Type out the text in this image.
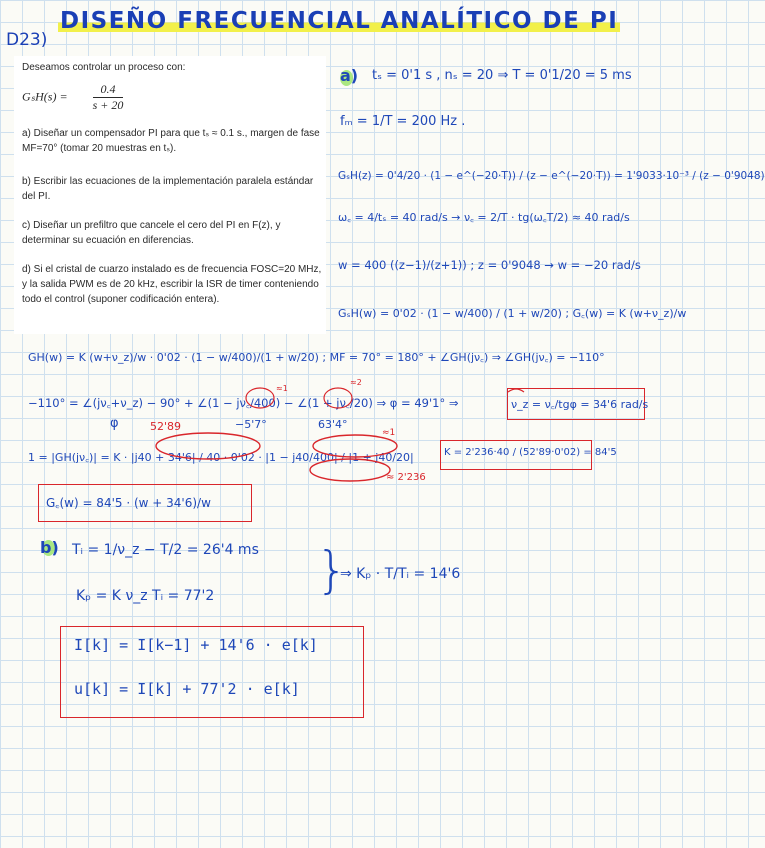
D23)
DISEÑO FRECUENCIAL ANALÍTICO DE PI

Deseamos controlar un proceso con:

$G_sH(s) = \frac{0.4}{s + 20}$

a) Diseñar un compensador PI para que tₛ ≈ 0.1 s., margen de fase MF=70° (tomar 20 muestras en tₛ).

b) Escribir las ecuaciones de la implementación paralela estándar del PI.

c) Diseñar un prefiltro que cancele el cero del PI en F(z), y determinar su ecuación en diferencias.

d) Si el cristal de cuarzo instalado es de frecuencia FOSC=20 MHz, y la salida PWM es de 20 kHz, escribir la ISR de timer conteniendo todo el control (suponer codificación entera).

a) tₛ = 0'1 s , nₛ = 20 ⇒ T = 0'1/20 = 5 ms
fₘ = 1/T = 200 Hz .
GₛH(z) = 0'4/20 · (1 − e^(−20·T)) / (z − e^(−20·T)) = 1'9033·10⁻³ / (z − 0'9048)
ω꜀ = 4/tₛ = 40 rad/s → ν꜀ = 2/T · tg(ω꜀T/2) ≈ 40 rad/s
w = 400 ((z−1)/(z+1)) ; z = 0'9048 → w = −20 rad/s
GₛH(w) = 0'02 · (1 − w/400) / (1 + w/20) ; G꜀(w) = K (w+ν_z)/w
GH(w) = K (w+ν_z)/w · 0'02 · (1 − w/400)/(1 + w/20) ; MF = 70° = 180° + ∠GH(jν꜀) ⇒ ∠GH(jν꜀) = −110°
−110° = ∠(jν꜀+ν_z) − 90° + ∠(1 − jν꜀/400) − ∠(1 + jν꜀/20) ⇒ φ = 49'1° ⇒	ν_z = ν꜀/tgφ = 34'6 rad/s
φ	52'89	−5'7°	63'4°
≈1
≈2
1 = |GH(jν꜀)| = K · |j40 + 34'6| / 40 · 0'02 · |1 − j40/400| / |1 + j40/20|
≈1
≈ 2'236
K = 2'236·40 / (52'89·0'02) = 84'5
G꜀(w) = 84'5 · (w + 34'6)/w
b) Tᵢ = 1/ν_z − T/2 = 26'4 ms
Kₚ = K ν_z Tᵢ = 77'2 }
⇒ Kₚ · T/Tᵢ = 14'6
I[k] = I[k−1] + 14'6 · e[k]
u[k] = I[k] + 77'2 · e[k]
